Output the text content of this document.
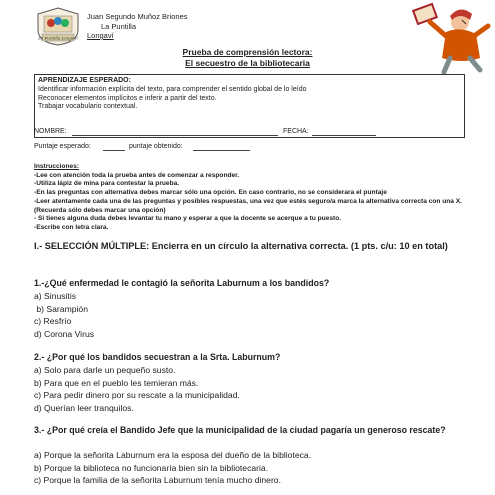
La Puntilla Longaví
Juan Segundo Muñoz Briones
La Puntilla
Longaví
Prueba de comprensión lectora:
El secuestro de la bibliotecaria
APRENDIZAJE ESPERADO:
Identificar información explícita del texto, para comprender el sentido global de lo leído
Reconocer elementos implícitos e inferir a partir del texto.
Trabajar vocabulario contextual.
NOMBRE:	FECHA:
Puntaje esperado:	puntaje obtenido:
Instrucciones:
-Lee con atención toda la prueba antes de comenzar a responder.
-Utiliza lápiz de mina para contestar la prueba.
-En las preguntas con alternativa debes marcar sólo una opción. En caso contrario, no se considerara el puntaje
-Leer atentamente cada una de las preguntas y posibles respuestas, una vez que estés seguro/a marca la alternativa correcta con una X. (Recuerda sólo debes marcar una opción)
- Si tienes alguna duda debes levantar tu mano y esperar a que la docente se acerque a tu puesto.
-Escribe con letra clara.
I.- SELECCIÓN MÚLTIPLE: Encierra en un círculo la alternativa correcta. (1 pts. c/u: 10 en total)
1.-¿Qué enfermedad le contagió la señorita Laburnum a los bandidos?
a) Sinusitis
b) Sarampión
c) Resfrío
d) Corona Virus
2.- ¿Por qué los bandidos secuestran a la Srta. Laburnum?
a) Solo para darle un pequeño susto.
b) Para que en el pueblo les temieran más.
c) Para pedir dinero por su rescate a la municipalidad.
d) Querían leer tranquilos.
3.- ¿Por qué creía el Bandido Jefe que la municipalidad de la ciudad pagaría un generoso rescate?
a) Porque la señorita Laburnum era la esposa del dueño de la biblioteca.
b) Porque la biblioteca no funcionaría bien sin la bibliotecaria.
c) Porque la familia de la señorita Laburnum tenía mucho dinero.
